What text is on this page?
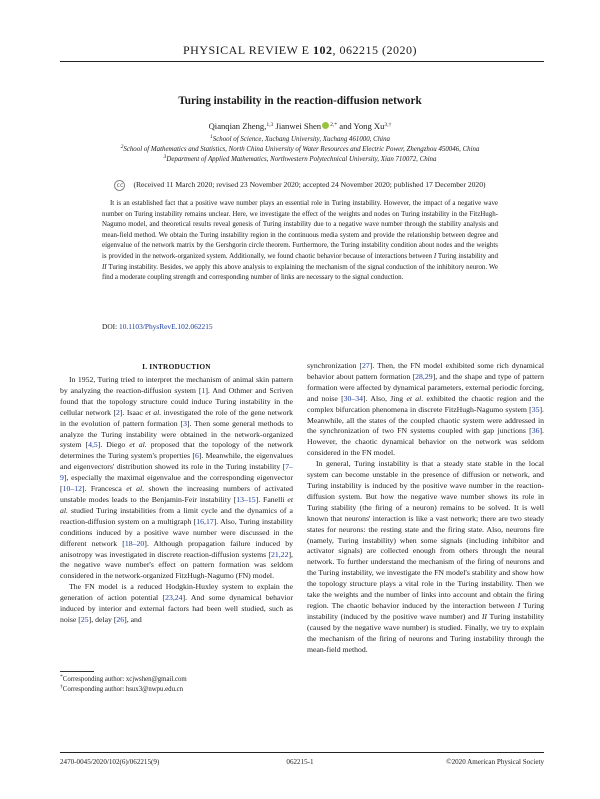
PHYSICAL REVIEW E 102, 062215 (2020)
Turing instability in the reaction-diffusion network
Qianqian Zheng,$^{1,3}$ Jianwei Shen $^{2,*}$ and Yong $Xu^{3,\dagger}$
$^1$School of Science, Xuchang University, Xuchang 461000, China
$^2$School of Mathematics and Statistics, North China University of Water Resources and Electric Power, Zhengzhou 450046, China
$^3$Department of Applied Mathematics, Northwestern Polytechnical University, Xian 710072, China
cc (Received 11 March 2020; revised 23 November 2020; accepted 24 November 2020; published 17 December 2020)
It is an established fact that a positive wave number plays an essential role in Turing instability. However, the impact of a negative wave number on Turing instability remains unclear. Here, we investigate the effect of the weights and nodes on Turing instability in the FitzHugh-Nagumo model, and theoretical results reveal genesis of Turing instability due to a negative wave number through the stability analysis and mean-field method. We obtain the Turing instability region in the continuous media system and provide the relationship between degree and eigenvalue of the network matrix by the Gershgorin circle theorem. Furthermore, the Turing instability condition about nodes and the weights is provided in the network-organized system. Additionally, we found chaotic behavior because of interactions between I Turing instability and II Turing instability. Besides, we apply this above analysis to explaining the mechanism of the signal conduction of the inhibitory neuron. We find a moderate coupling strength and corresponding number of links are necessary to the signal conduction.
DOI: 10.1103/PhysRevE.102.062215
I. INTRODUCTION

In 1952, Turing tried to interpret the mechanism of animal skin pattern by analyzing the reaction-diffusion system [1]. And Othmer and Scriven found that the topology structure could induce Turing instability in the cellular network [2]. Isaac et al. investigated the role of the gene network in the evolution of pattern formation [3]. Then some general methods to analyze the Turing instability were obtained in the network-organized system [4,5]. Diego et al. proposed that the topology of the network determines the Turing system's properties [6]. Meanwhile, the eigenvalues and eigenvectors' distribution showed its role in the Turing instability [7–9], especially the maximal eigenvalue and the corresponding eigenvector [10–12]. Francesca et al. shown the increasing numbers of activated unstable modes leads to the Benjamin-Feir instability [13–15]. Fanelli et al. studied Turing instabilities from a limit cycle and the dynamics of a reaction-diffusion system on a multigraph [16,17]. Also, Turing instability conditions induced by a positive wave number were discussed in the different network [18–20]. Although propagation failure induced by anisotropy was investigated in discrete reaction-diffusion systems [21,22], the negative wave number's effect on pattern formation was seldom considered in the network-organized FitzHugh-Nagumo (FN) model.

The FN model is a reduced Hodgkin-Huxley system to explain the generation of action potential [23,24]. And some dynamical behavior induced by interior and external factors had been well studied, such as noise [25], delay [26], and

synchronization [27]. Then, the FN model exhibited some rich dynamical behavior about pattern formation [28,29], and the shape and type of pattern formation were affected by dynamical parameters, external periodic forcing, and noise [30–34]. Also, Jing et al. exhibited the chaotic region and the complex bifurcation phenomena in discrete FitzHugh-Nagumo system [35]. Meanwhile, all the states of the coupled chaotic system were addressed in the synchronization of two FN systems coupled with gap junctions [36]. However, the chaotic dynamical behavior on the network was seldom considered in the FN model.

In general, Turing instability is that a steady state stable in the local system can become unstable in the presence of diffusion or network, and Turing instability is induced by the positive wave number in the reaction-diffusion system. But how the negative wave number shows its role in Turing stability (the firing of a neuron) remains to be solved. It is well known that neurons' interaction is like a vast network; there are two steady states for neurons: the resting state and the firing state. Also, neurons fire (namely, Turing instability) when some signals (including inhibitor and activator signals) are collected enough from others through the neural network. To further understand the mechanism of the firing of neurons and the Turing instability, we investigate the FN model's stability and show how the topology structure plays a vital role in the Turing instability. Then we take the weights and the number of links into account and obtain the firing region. The chaotic behavior induced by the interaction between I Turing instability (induced by the positive wave number) and II Turing instability (caused by the negative wave number) is studied. Finally, we try to explain the mechanism of the firing of neurons and Turing instability through the mean-field method.

*Corresponding author: xcjwshen@gmail.com
†Corresponding author: hsux3@nwpu.edu.cn
2470-0045/2020/102(6)/062215(9)	062215-1	©2020 American Physical Society
